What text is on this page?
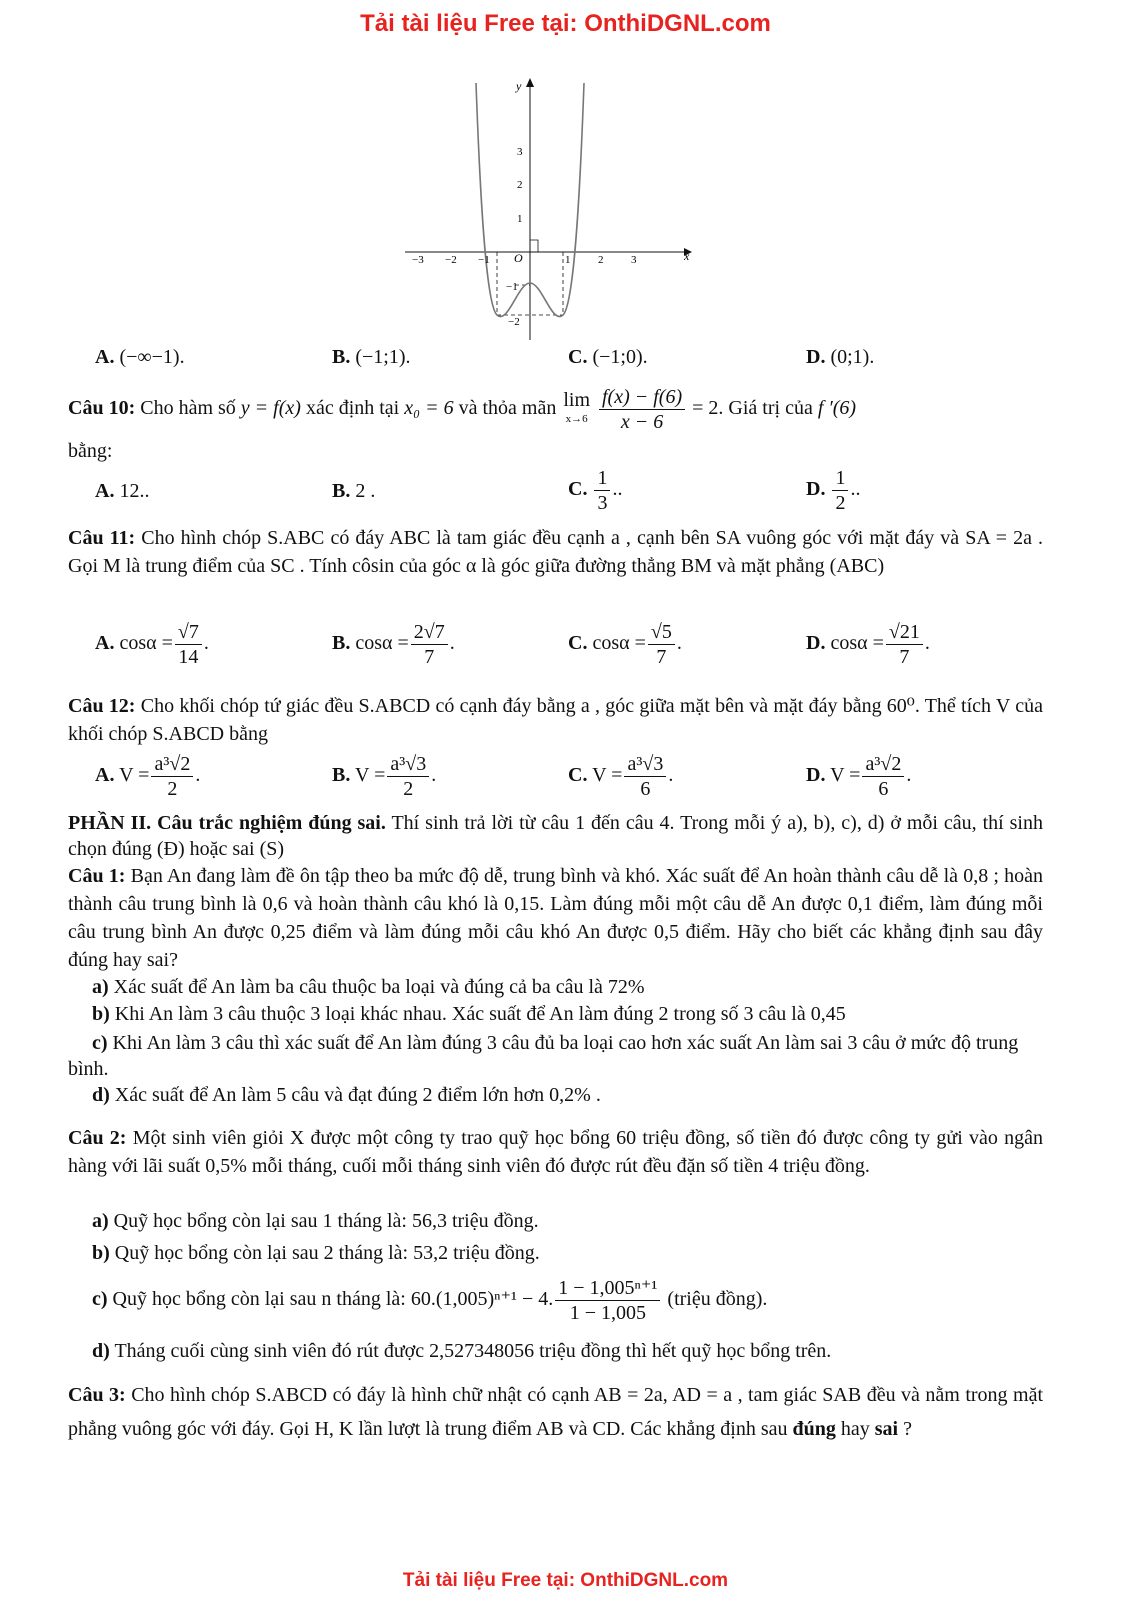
Tải tài liệu Free tại: OnthiDGNL.com
y
x
O
−3 −2 −1	1	2	3
3
2
1
−1
−2
A. (−∞−1).	B. (−1;1).	C. (−1;0).	D. (0;1).
Câu 10: Cho hàm số y = f(x) xác định tại x₀ = 6 và thỏa mãn lim
$x\to 6 \frac{f(x) - f(6)}{x - 6} = 2$. Giá trị của f ′(6)
bằng:
A. 12..	B. 2 .	C. $\frac{1}{3}$ ..	D. $\frac{1}{2}$ ..
Câu 11: Cho hình chóp S.ABC có đáy ABC là tam giác đều cạnh a , cạnh bên SA vuông góc với mặt đáy và SA = 2a . Gọi M là trung điểm của SC . Tính côsin của góc α là góc giữa đường thẳng BM và mặt phẳng (ABC)
A. $\cos\alpha = \frac{√7}{14}$ .	B. $\cos\alpha = \frac{2√7}{7}$ .	C. $\cos\alpha = \frac{√5}{7}$ .	D. $\cos\alpha = \frac{√21}{7}$ .
Câu 12: Cho khối chóp tứ giác đều S.ABCD có cạnh đáy bằng a , góc giữa mặt bên và mặt đáy bằng 60⁰. Thể tích V của khối chóp S.ABCD bằng
A. $V = \frac{\text{a³√2}}{2}$ .	B. $V = \frac{\text{a³√3}}{2}$ .	C. $V = \frac{\text{a³√3}}{6}$ .	D. $V = \frac{\text{a³√2}}{6}$ .
PHẦN II. Câu trắc nghiệm đúng sai. Thí sinh trả lời từ câu 1 đến câu 4. Trong mỗi ý a), b), c), d) ở mỗi câu, thí sinh chọn đúng (Đ) hoặc sai (S)
Câu 1: Bạn An đang làm đề ôn tập theo ba mức độ dễ, trung bình và khó. Xác suất để An hoàn thành câu dễ là 0,8 ; hoàn thành câu trung bình là 0,6 và hoàn thành câu khó là 0,15. Làm đúng mỗi một câu dễ An được 0,1 điểm, làm đúng mỗi câu trung bình An được 0,25 điểm và làm đúng mỗi câu khó An được 0,5 điểm. Hãy cho biết các khẳng định sau đây đúng hay sai?
a) Xác suất để An làm ba câu thuộc ba loại và đúng cả ba câu là 72%
b) Khi An làm 3 câu thuộc 3 loại khác nhau. Xác suất để An làm đúng 2 trong số 3 câu là 0,45
c) Khi An làm 3 câu thì xác suất để An làm đúng 3 câu đủ ba loại cao hơn xác suất An làm sai 3 câu ở mức độ trung bình.
d) Xác suất để An làm 5 câu và đạt đúng 2 điểm lớn hơn 0,2% .
Câu 2: Một sinh viên giỏi X được một công ty trao quỹ học bổng 60 triệu đồng, số tiền đó được công ty gửi vào ngân hàng với lãi suất 0,5% mỗi tháng, cuối mỗi tháng sinh viên đó được rút đều đặn số tiền 4 triệu đồng.
a) Quỹ học bổng còn lại sau 1 tháng là: 56,3 triệu đồng.
b) Quỹ học bổng còn lại sau 2 tháng là: 53,2 triệu đồng.
c) Quỹ học bổng còn lại sau n tháng là: 60.(1,005)ⁿ⁺¹ − 4. $\frac{\text{1 − 1,005ⁿ⁺¹}}{1 - 1,005}$ (triệu đồng).
d) Tháng cuối cùng sinh viên đó rút được 2,527348056 triệu đồng thì hết quỹ học bổng trên.
Câu 3: Cho hình chóp S.ABCD có đáy là hình chữ nhật có cạnh AB = 2a, AD = a , tam giác SAB đều và nằm trong mặt phẳng vuông góc với đáy. Gọi H, K lần lượt là trung điểm AB và CD. Các khẳng định sau đúng hay sai ?
Tải tài liệu Free tại: OnthiDGNL.com
